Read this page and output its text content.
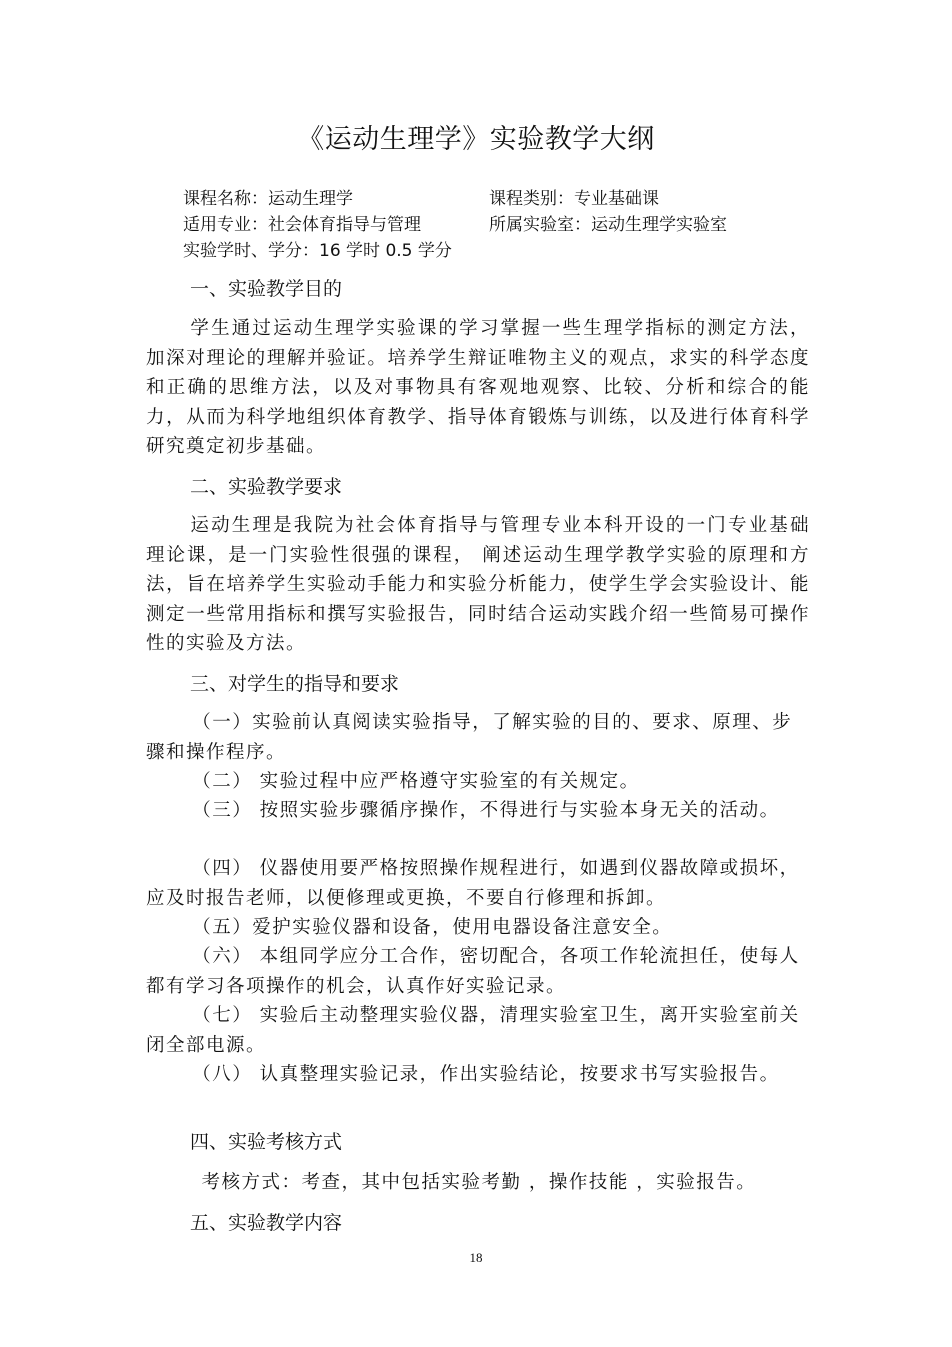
《运动生理学》实验教学大纲
课程名称：运动生理学	课程类别：专业基础课
适用专业：社会体育指导与管理	所属实验室：运动生理学实验室
实验学时、学分：16 学时 0.5 学分
一、实验教学目的

学生通过运动生理学实验课的学习掌握一些生理学指标的测定方法，加深对理论的理解并验证。培养学生辩证唯物主义的观点，求实的科学态度和正确的思维方法，以及对事物具有客观地观察、比较、分析和综合的能力，从而为科学地组织体育教学、指导体育锻炼与训练，以及进行体育科学研究奠定初步基础。

二、实验教学要求

运动生理是我院为社会体育指导与管理专业本科开设的一门专业基础理论课，是一门实验性很强的课程， 阐述运动生理学教学实验的原理和方法，旨在培养学生实验动手能力和实验分析能力，使学生学会实验设计、能测定一些常用指标和撰写实验报告，同时结合运动实践介绍一些简易可操作性的实验及方法。

三、对学生的指导和要求

（一）实验前认真阅读实验指导，了解实验的目的、要求、原理、步骤和操作程序。

（二） 实验过程中应严格遵守实验室的有关规定。

（三） 按照实验步骤循序操作，不得进行与实验本身无关的活动。

（四） 仪器使用要严格按照操作规程进行，如遇到仪器故障或损坏，应及时报告老师，以便修理或更换，不要自行修理和拆卸。

（五）爱护实验仪器和设备，使用电器设备注意安全。

（六） 本组同学应分工合作，密切配合，各项工作轮流担任，使每人都有学习各项操作的机会，认真作好实验记录。

（七） 实验后主动整理实验仪器，清理实验室卫生，离开实验室前关闭全部电源。

（八） 认真整理实验记录，作出实验结论，按要求书写实验报告。

四、实验考核方式

考核方式：考查，其中包括实验考勤 ，操作技能 ，实验报告。

五、实验教学内容
18
